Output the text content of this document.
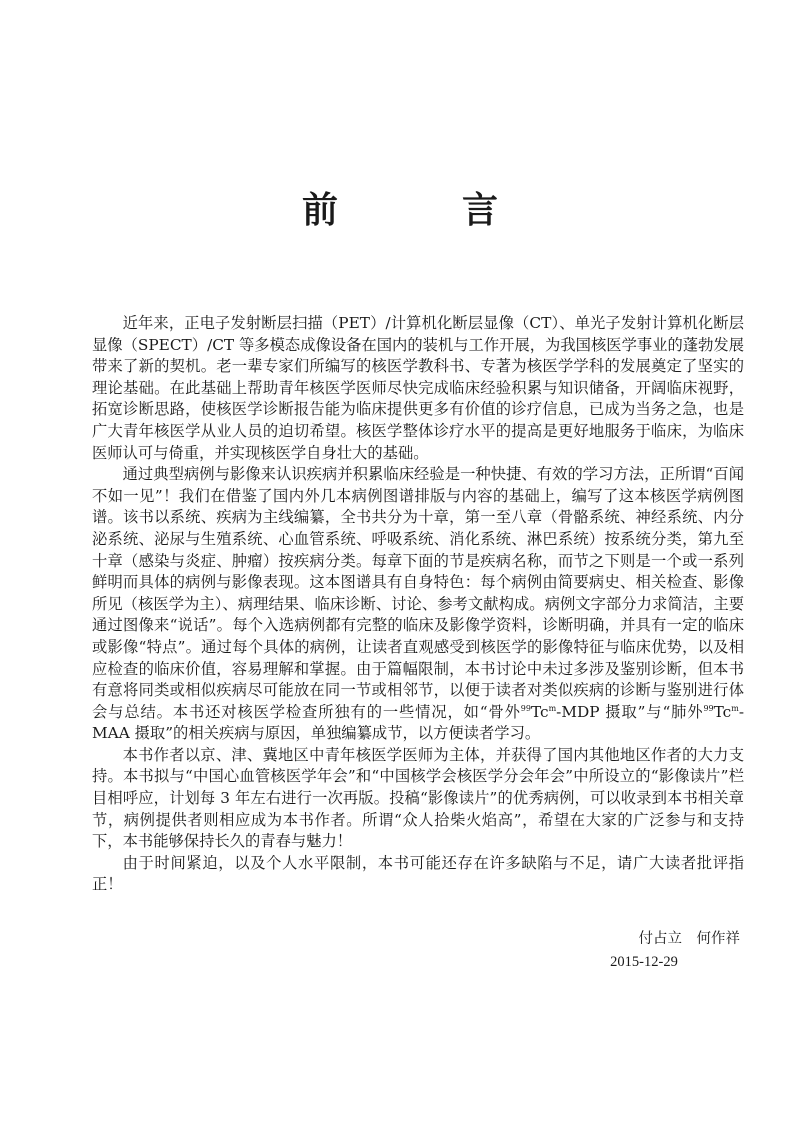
前　言

近年来，正电子发射断层扫描（PET）/计算机化断层显像（CT）、单光子发射计算机化断层显像（SPECT）/CT 等多模态成像设备在国内的装机与工作开展，为我国核医学事业的蓬勃发展带来了新的契机。老一辈专家们所编写的核医学教科书、专著为核医学学科的发展奠定了坚实的理论基础。在此基础上帮助青年核医学医师尽快完成临床经验积累与知识储备，开阔临床视野，拓宽诊断思路，使核医学诊断报告能为临床提供更多有价值的诊疗信息，已成为当务之急，也是广大青年核医学从业人员的迫切希望。核医学整体诊疗水平的提高是更好地服务于临床，为临床医师认可与倚重，并实现核医学自身壮大的基础。

通过典型病例与影像来认识疾病并积累临床经验是一种快捷、有效的学习方法，正所谓“百闻不如一见”！我们在借鉴了国内外几本病例图谱排版与内容的基础上，编写了这本核医学病例图谱。该书以系统、疾病为主线编纂，全书共分为十章，第一至八章（骨骼系统、神经系统、内分泌系统、泌尿与生殖系统、心血管系统、呼吸系统、消化系统、淋巴系统）按系统分类，第九至十章（感染与炎症、肿瘤）按疾病分类。每章下面的节是疾病名称，而节之下则是一个或一系列鲜明而具体的病例与影像表现。这本图谱具有自身特色：每个病例由简要病史、相关检查、影像所见（核医学为主）、病理结果、临床诊断、讨论、参考文献构成。病例文字部分力求简洁，主要通过图像来“说话”。每个入选病例都有完整的临床及影像学资料，诊断明确，并具有一定的临床或影像“特点”。通过每个具体的病例，让读者直观感受到核医学的影像特征与临床优势，以及相应检查的临床价值，容易理解和掌握。由于篇幅限制，本书讨论中未过多涉及鉴别诊断，但本书有意将同类或相似疾病尽可能放在同一节或相邻节，以便于读者对类似疾病的诊断与鉴别进行体会与总结。本书还对核医学检查所独有的一些情况，如“骨外$^{99}$Tc$^m$-MDP 摄取”与“肺外$^{99}$Tc$^m$-MAA 摄取”的相关疾病与原因，单独编纂成节，以方便读者学习。

本书作者以京、津、冀地区中青年核医学医师为主体，并获得了国内其他地区作者的大力支持。本书拟与“中国心血管核医学年会”和“中国核学会核医学分会年会”中所设立的“影像读片”栏目相呼应，计划每 3 年左右进行一次再版。投稿“影像读片”的优秀病例，可以收录到本书相关章节，病例提供者则相应成为本书作者。所谓“众人拾柴火焰高”，希望在大家的广泛参与和支持下，本书能够保持长久的青春与魅力！

由于时间紧迫，以及个人水平限制，本书可能还存在许多缺陷与不足，请广大读者批评指正！

付占立　何作祥
2015-12-29
